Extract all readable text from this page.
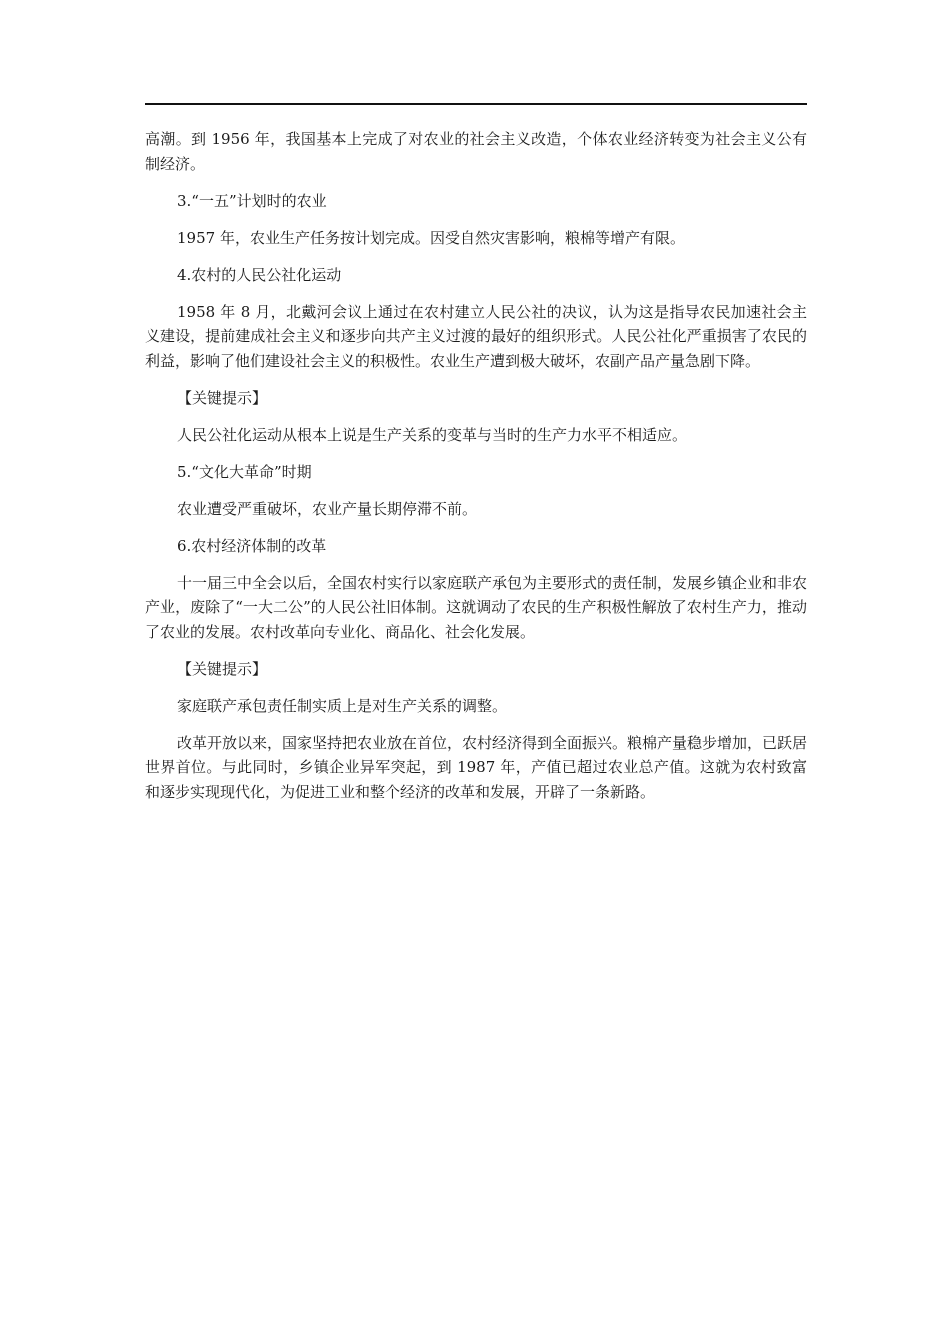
高潮。到 1956 年，我国基本上完成了对农业的社会主义改造，个体农业经济转变为社会主义公有制经济。

3.“一五”计划时的农业

1957 年，农业生产任务按计划完成。因受自然灾害影响，粮棉等增产有限。

4.农村的人民公社化运动

1958 年 8 月，北戴河会议上通过在农村建立人民公社的决议，认为这是指导农民加速社会主义建设，提前建成社会主义和逐步向共产主义过渡的最好的组织形式。人民公社化严重损害了农民的利益，影响了他们建设社会主义的积极性。农业生产遭到极大破坏，农副产品产量急剧下降。

【关键提示】

人民公社化运动从根本上说是生产关系的变革与当时的生产力水平不相适应。

5.“文化大革命”时期

农业遭受严重破坏，农业产量长期停滞不前。

6.农村经济体制的改革

十一届三中全会以后，全国农村实行以家庭联产承包为主要形式的责任制，发展乡镇企业和非农产业，废除了“一大二公”的人民公社旧体制。这就调动了农民的生产积极性解放了农村生产力，推动了农业的发展。农村改革向专业化、商品化、社会化发展。

【关键提示】

家庭联产承包责任制实质上是对生产关系的调整。

改革开放以来，国家坚持把农业放在首位，农村经济得到全面振兴。粮棉产量稳步增加，已跃居世界首位。与此同时，乡镇企业异军突起，到 1987 年，产值已超过农业总产值。这就为农村致富和逐步实现现代化，为促进工业和整个经济的改革和发展，开辟了一条新路。
